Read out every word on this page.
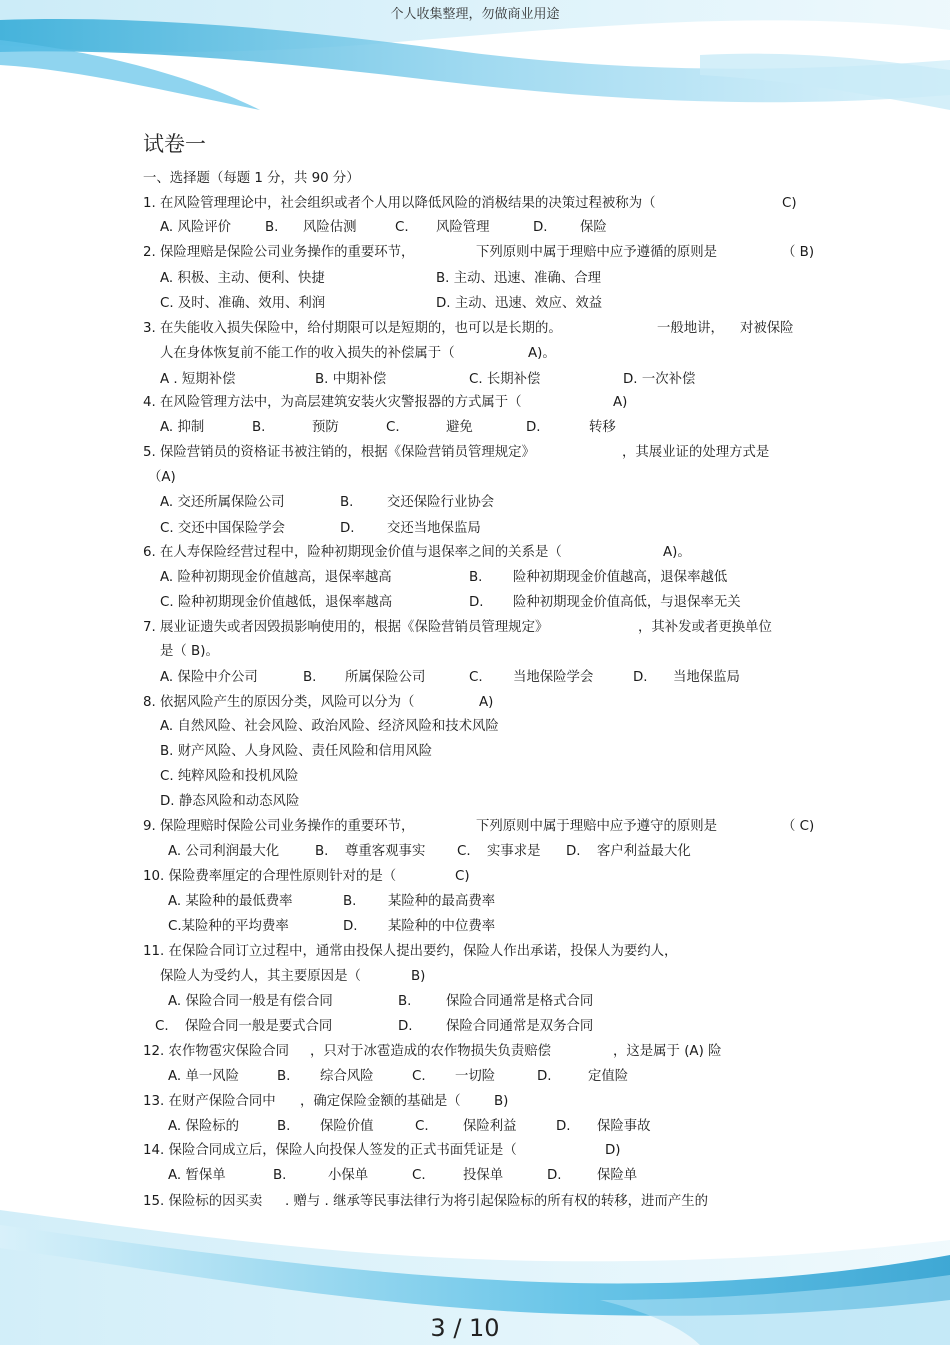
个人收集整理，勿做商业用途
试卷一
一、选择题（每题 1 分，共 90 分）
1. 在风险管理理论中，社会组织或者个人用以降低风险的消极结果的决策过程被称为（	C)
A. 风险评价	B. 风险估测	C. 风险管理	D. 保险
2. 保险理赔是保险公司业务操作的重要环节，	下列原则中属于理赔中应予遵循的原则是	（ B)
A. 积极、主动、便利、快捷	B. 主动、迅速、准确、合理
C. 及时、准确、效用、利润	D. 主动、迅速、效应、效益
3. 在失能收入损失保险中，给付期限可以是短期的，也可以是长期的。	一般地讲， 对被保险
人在身体恢复前不能工作的收入损失的补偿属于（	A)。
A . 短期补偿	B. 中期补偿	C. 长期补偿	D. 一次补偿
4. 在风险管理方法中，为高层建筑安装火灾警报器的方式属于（	A)
A. 抑制	B.	预防	C.	避免	D.	转移
5. 保险营销员的资格证书被注销的，根据《保险营销员管理规定》	，其展业证的处理方式是
（A)
A. 交还所属保险公司	B.	交还保险行业协会
C. 交还中国保险学会	D. 交还当地保监局
6. 在人寿保险经营过程中，险种初期现金价值与退保率之间的关系是（	A)。
A. 险种初期现金价值越高，退保率越高	B. 险种初期现金价值越高，退保率越低
C. 险种初期现金价值越低，退保率越高	D. 险种初期现金价值高低，与退保率无关
7. 展业证遗失或者因毁损影响使用的，根据《保险营销员管理规定》	，其补发或者更换单位
是（ B)。
A. 保险中介公司	B. 所属保险公司	C. 当地保险学会	D. 当地保监局
8. 依据风险产生的原因分类，风险可以分为（	A)
A. 自然风险、社会风险、政治风险、经济风险和技术风险
B. 财产风险、人身风险、责任风险和信用风险
C. 纯粹风险和投机风险
D. 静态风险和动态风险
9. 保险理赔时保险公司业务操作的重要环节，	下列原则中属于理赔中应予遵守的原则是	（ C)
A. 公司利润最大化	B. 尊重客观事实 C. 实事求是 D. 客户利益最大化
10. 保险费率厘定的合理性原则针对的是（	C)
A. 某险种的最低费率	B. 某险种的最高费率
C.某险种的平均费率	D. 某险种的中位费率
11. 在保险合同订立过程中，通常由投保人提出要约，保险人作出承诺，投保人为要约人，
保险人为受约人，其主要原因是（	B)
A. 保险合同一般是有偿合同	B.	保险合同通常是格式合同
C. 保险合同一般是要式合同	D. 保险合同通常是双务合同
12. 农作物雹灾保险合同 ，只对于冰雹造成的农作物损失负责赔偿	，这是属于 (A) 险
A. 单一风险	B. 综合风险	C. 一切险	D.	定值险
13. 在财产保险合同中 ，确定保险金额的基础是（ B)
A. 保险标的	B. 保险价值	C.	保险利益	D. 保险事故
14. 保险合同成立后，保险人向投保人签发的正式书面凭证是（	D)
A. 暂保单	B.	小保单	C.	投保单	D.	保险单
15. 保险标的因买卖 . 赠与 . 继承等民事法律行为将引起保险标的所有权的转移，进而产生的
3 / 10
